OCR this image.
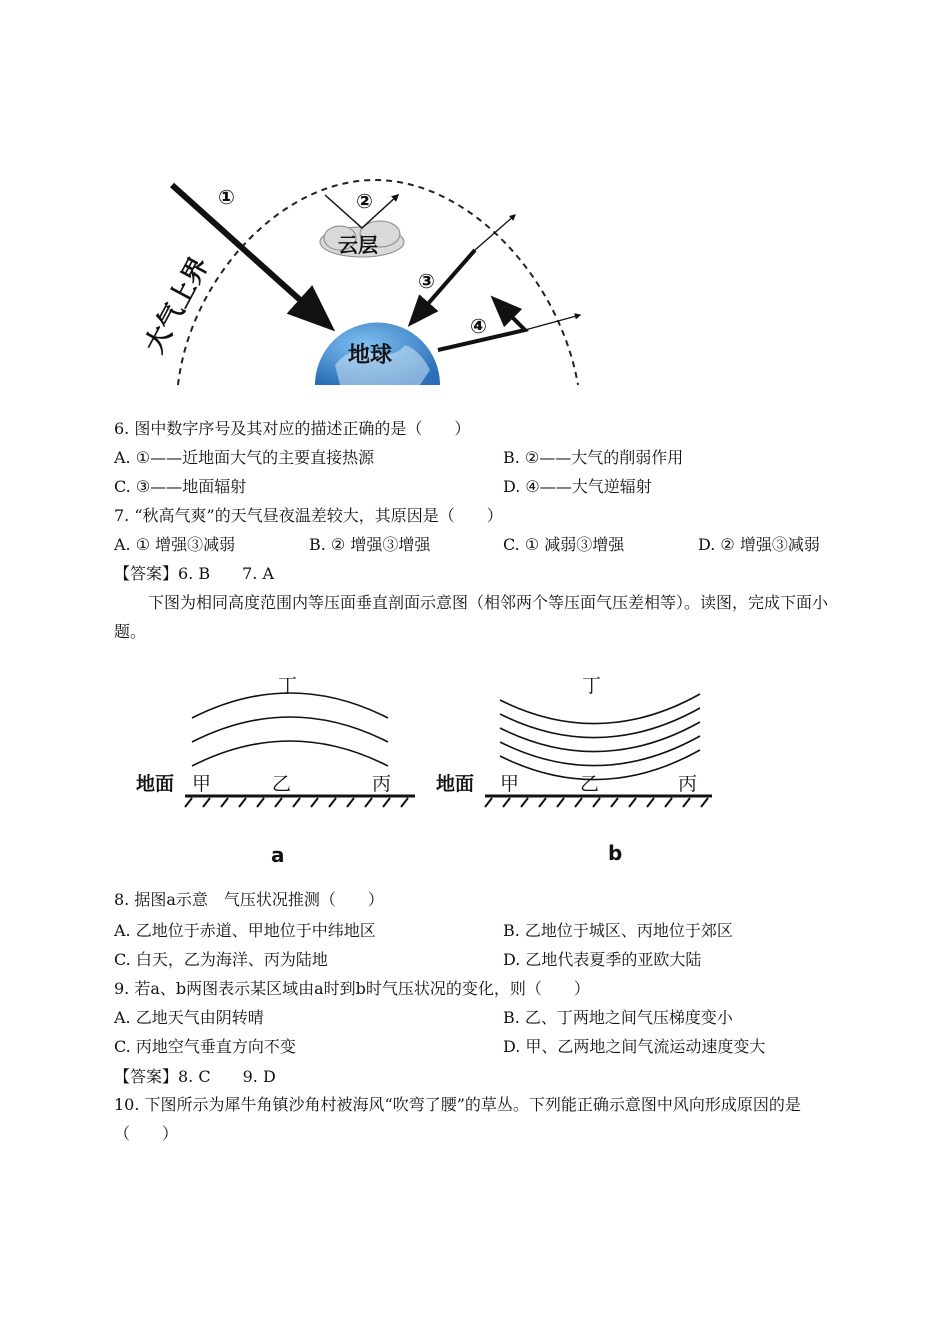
地球
大气上界
①
云层
②
③
④
6. 图中数字序号及其对应的描述正确的是（　　）
A. ①——近地面大气的主要直接热源	B. ②——大气的削弱作用
C. ③——地面辐射	D. ④——大气逆辐射
7. “秋高气爽”的天气昼夜温差较大，其原因是（　　）
A. ① 增强③减弱	B. ② 增强③增强	C. ① 减弱③增强	D. ② 增强③减弱
【答案】6. B　　7. A
下图为相同高度范围内等压面垂直剖面示意图（相邻两个等压面气压差相等）。读图，完成下面小题。
地面 甲	乙	丙
丁
a
地面 甲	乙	丙
丁
b
8. 据图a示意　气压状况推测（　　）
A. 乙地位于赤道、甲地位于中纬地区	B. 乙地位于城区、丙地位于郊区
C. 白天，乙为海洋、丙为陆地	D. 乙地代表夏季的亚欧大陆
9. 若a、b两图表示某区域由a时到b时气压状况的变化，则（　　）
A. 乙地天气由阴转晴	B. 乙、丁两地之间气压梯度变小
C. 丙地空气垂直方向不变	D. 甲、乙两地之间气流运动速度变大
【答案】8. C　　9. D
10. 下图所示为犀牛角镇沙角村被海风“吹弯了腰”的草丛。下列能正确示意图中风向形成原因的是（　　）
